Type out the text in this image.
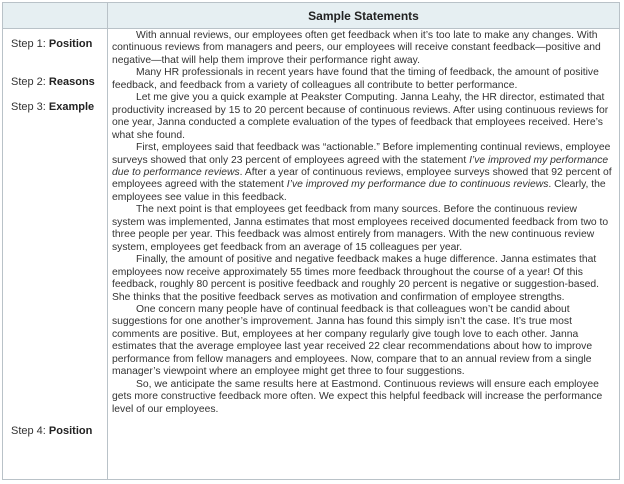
Sample Statements
Step 1: Position
Step 2: Reasons
Step 3: Example
Step 4: Position

With annual reviews, our employees often get feedback when it’s too late to make any changes. With continuous reviews from managers and peers, our employees will receive constant feedback—positive and negative—that will help them improve their performance right away.

Many HR professionals in recent years have found that the timing of feedback, the amount of positive feedback, and feedback from a variety of colleagues all contribute to better performance.

Let me give you a quick example at Peakster Computing. Janna Leahy, the HR director, estimated that productivity increased by 15 to 20 percent because of continuous reviews. After using continuous reviews for one year, Janna conducted a complete evaluation of the types of feedback that employees received. Here’s what she found.

First, employees said that feedback was “actionable.” Before implementing continual reviews, employee surveys showed that only 23 percent of employees agreed with the statement I’ve improved my performance due to performance reviews. After a year of continuous reviews, employee surveys showed that 92 percent of employees agreed with the statement I’ve improved my performance due to continuous reviews. Clearly, the employees see value in this feedback.

The next point is that employees get feedback from many sources. Before the continuous review system was implemented, Janna estimates that most employees received documented feedback from two to three people per year. This feedback was almost entirely from managers. With the new continuous review system, employees get feedback from an average of 15 colleagues per year.

Finally, the amount of positive and negative feedback makes a huge difference. Janna estimates that employees now receive approximately 55 times more feedback throughout the course of a year! Of this feedback, roughly 80 percent is positive feedback and roughly 20 percent is negative or suggestion-based. She thinks that the positive feedback serves as motivation and confirmation of employee strengths.

One concern many people have of continual feedback is that colleagues won’t be candid about suggestions for one another’s improvement. Janna has found this simply isn’t the case. It’s true most comments are positive. But, employees at her company regularly give tough love to each other. Janna estimates that the average employee last year received 22 clear recommendations about how to improve performance from fellow managers and employees. Now, compare that to an annual review from a single manager’s viewpoint where an employee might get three to four suggestions.

So, we anticipate the same results here at Eastmond. Continuous reviews will ensure each employee gets more constructive feedback more often. We expect this helpful feedback will increase the performance level of our employees.
